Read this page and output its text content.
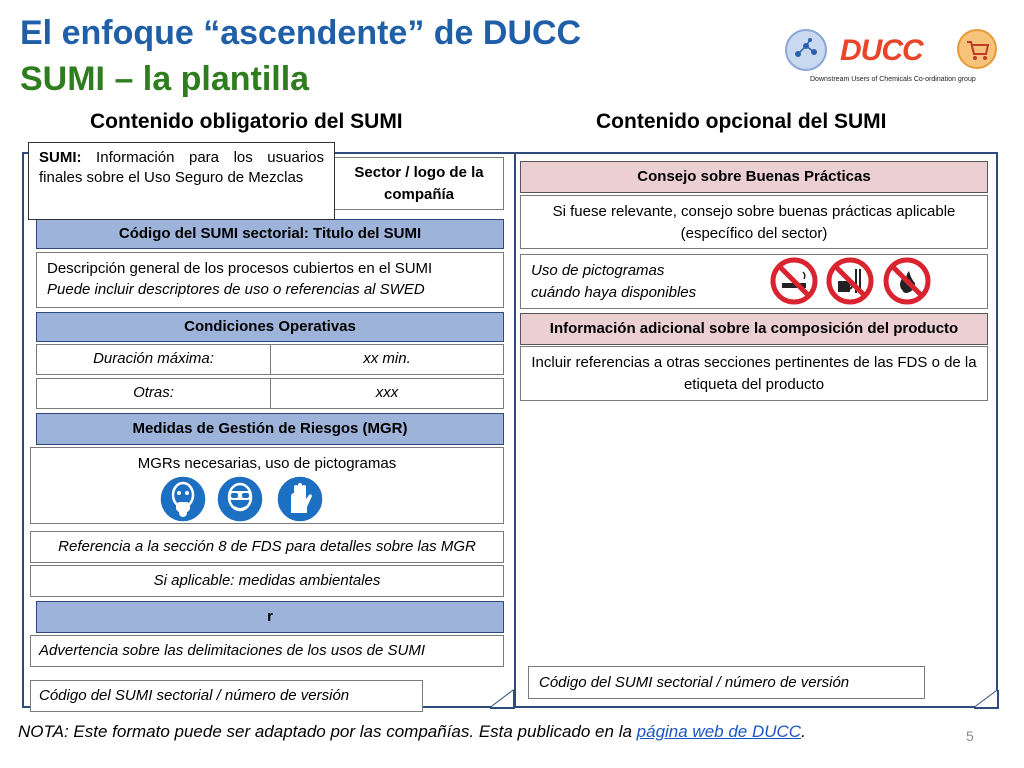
El enfoque “ascendente” de DUCC
SUMI – la plantilla
DUCC
Downstream Users of Chemicals Co-ordination group
Contenido obligatorio del SUMI	Contenido opcional del SUMI
SUMI: Información para los usuarios finales sobre el Uso Seguro de Mezclas	Sector / logo de la compañía
Código del SUMI sectorial: Titulo del SUMI
Descripción general de los procesos cubiertos en el SUMI
Puede incluir descriptores de uso o referencias al SWED
Condiciones Operativas
Duración máxima:	xx min.
Otras:	xxx
Medidas de Gestión de Riesgos (MGR)
MGRs necesarias, uso de pictogramas
Referencia a la sección 8 de FDS para detalles sobre las MGR
Si aplicable: medidas ambientales
r
Advertencia sobre las delimitaciones de los usos de SUMI
Código del SUMI sectorial / número de versión
Consejo sobre Buenas Prácticas
Si fuese relevante, consejo sobre buenas prácticas aplicable (específico del sector)
Uso de pictogramas
cuándo haya disponibles
Información adicional sobre la composición del producto
Incluir referencias a otras secciones pertinentes de las FDS o de la etiqueta del producto
Código del SUMI sectorial / número de versión
NOTA: Este formato puede ser adaptado por las compañías. Esta publicado en la página web de DUCC.	5
